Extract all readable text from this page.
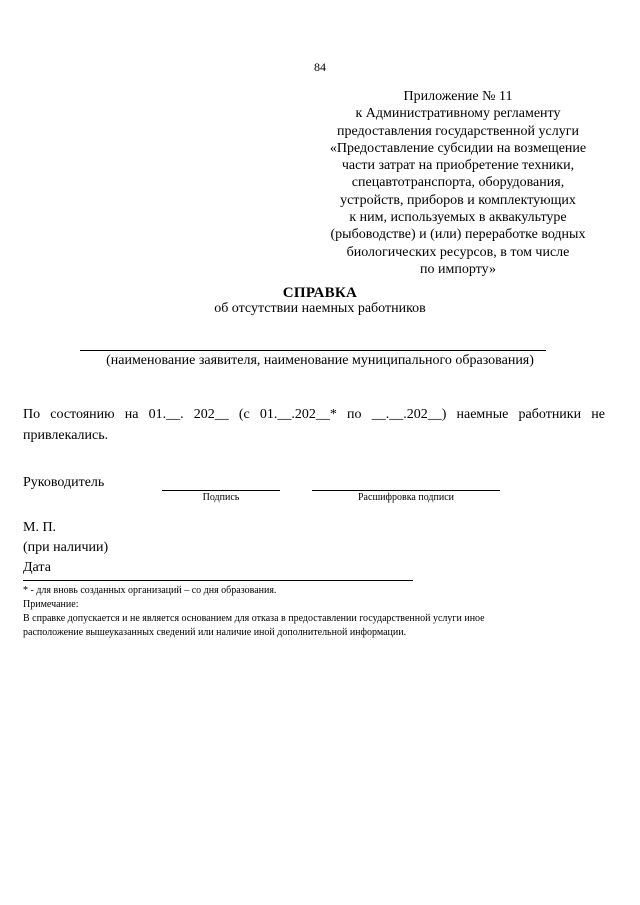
84
Приложение № 11
к Административному регламенту
предоставления государственной услуги
«Предоставление субсидии на возмещение
части затрат на приобретение техники,
спецавтотранспорта, оборудования,
устройств, приборов и комплектующих
к ним, используемых в аквакультуре
(рыбоводстве) и (или) переработке водных
биологических ресурсов, в том числе
по импорту»
СПРАВКА
об отсутствии наемных работников
(наименование заявителя, наименование муниципального образования)
По состоянию на 01.__. 202__ (с 01.__.202__* по __.__.202__) наемные работники не
привлекались.
Руководитель
Подпись	Расшифровка подписи
М. П.
(при наличии)
Дата
* - для вновь созданных организаций – со дня образования.
Примечание:
В справке допускается и не является основанием для отказа в предоставлении государственной услуги иное
расположение вышеуказанных сведений или наличие иной дополнительной информации.
